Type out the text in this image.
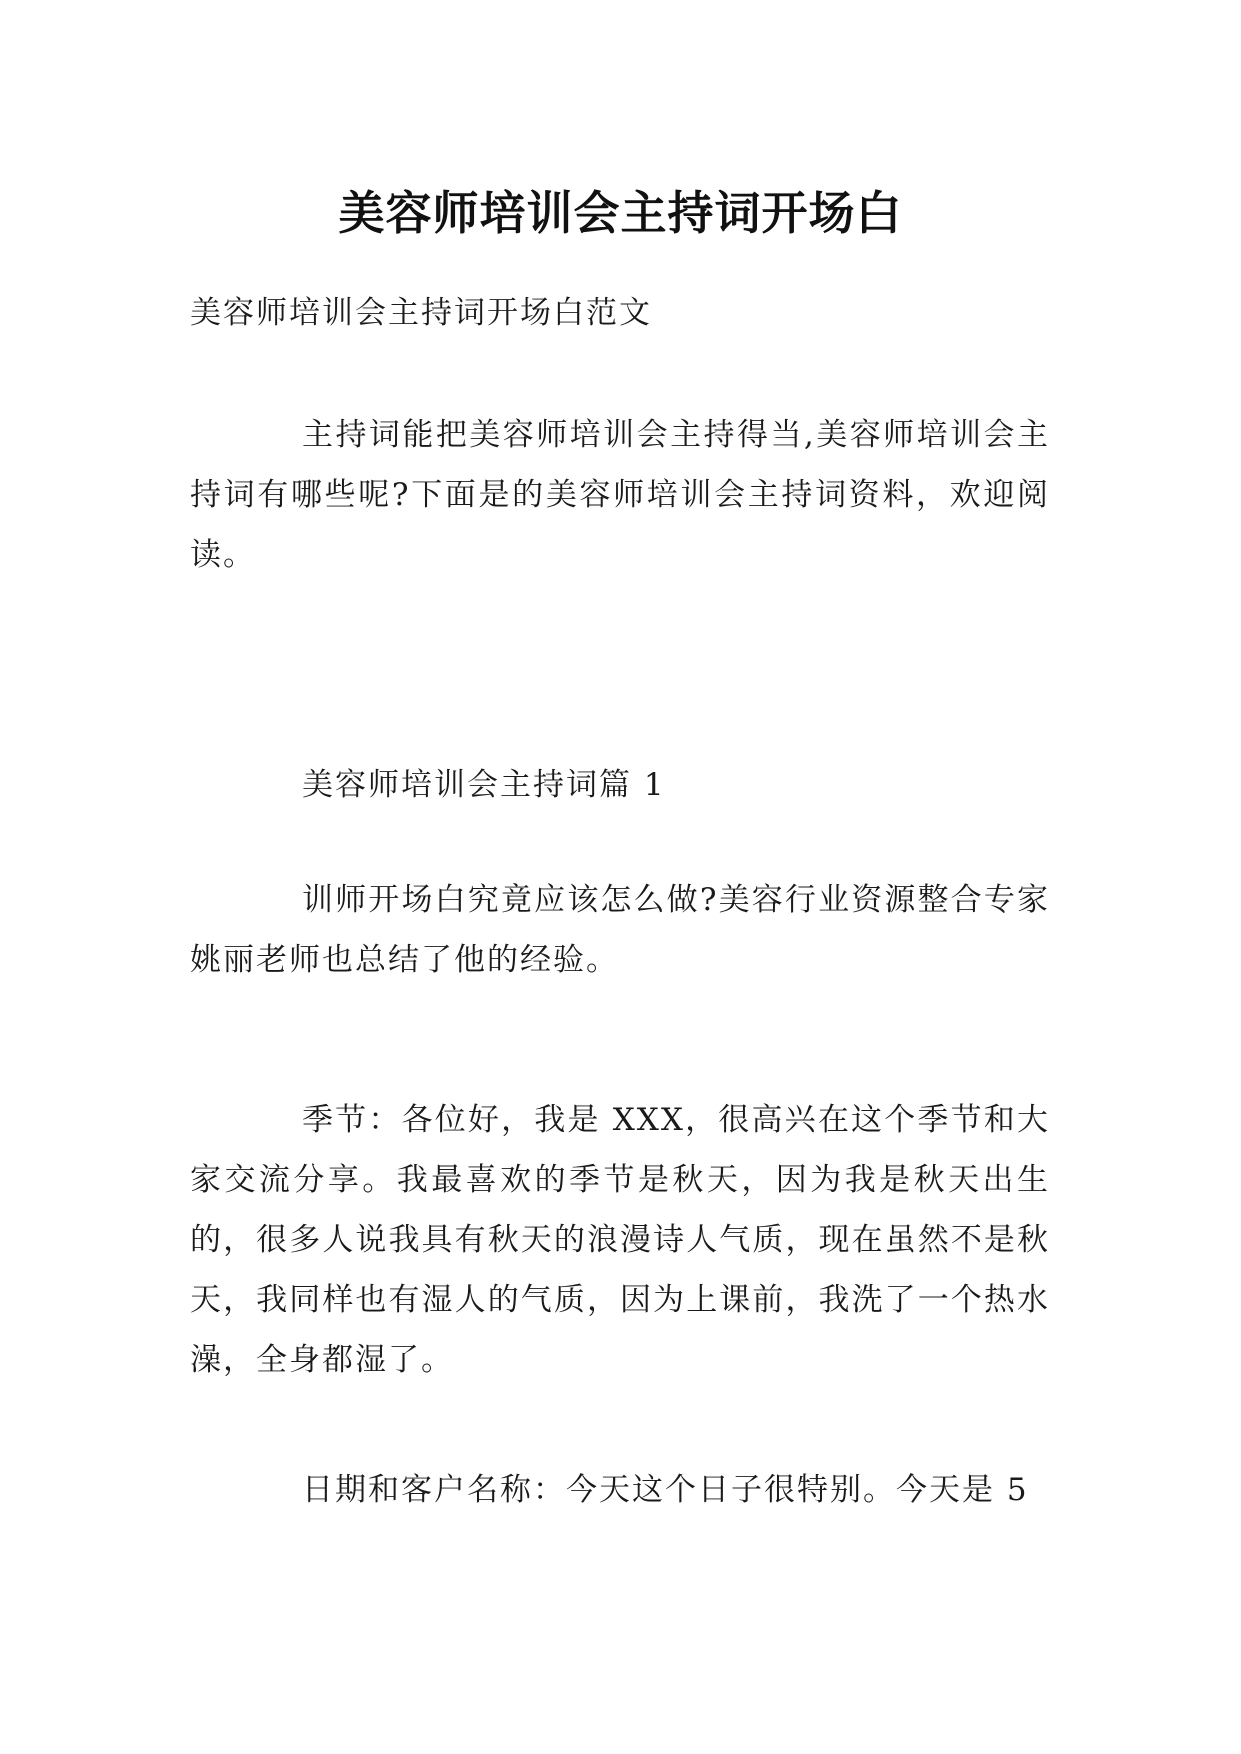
美容师培训会主持词开场白

美容师培训会主持词开场白范文

主持词能把美容师培训会主持得当,美容师培训会主持词有哪些呢?下面是的美容师培训会主持词资料，欢迎阅读。

美容师培训会主持词篇 1

训师开场白究竟应该怎么做?美容行业资源整合专家姚丽老师也总结了他的经验。

季节：各位好，我是 XXX，很高兴在这个季节和大家交流分享。我最喜欢的季节是秋天，因为我是秋天出生的，很多人说我具有秋天的浪漫诗人气质，现在虽然不是秋天，我同样也有湿人的气质，因为上课前，我洗了一个热水澡，全身都湿了。

日期和客户名称：今天这个日子很特别。今天是 5
